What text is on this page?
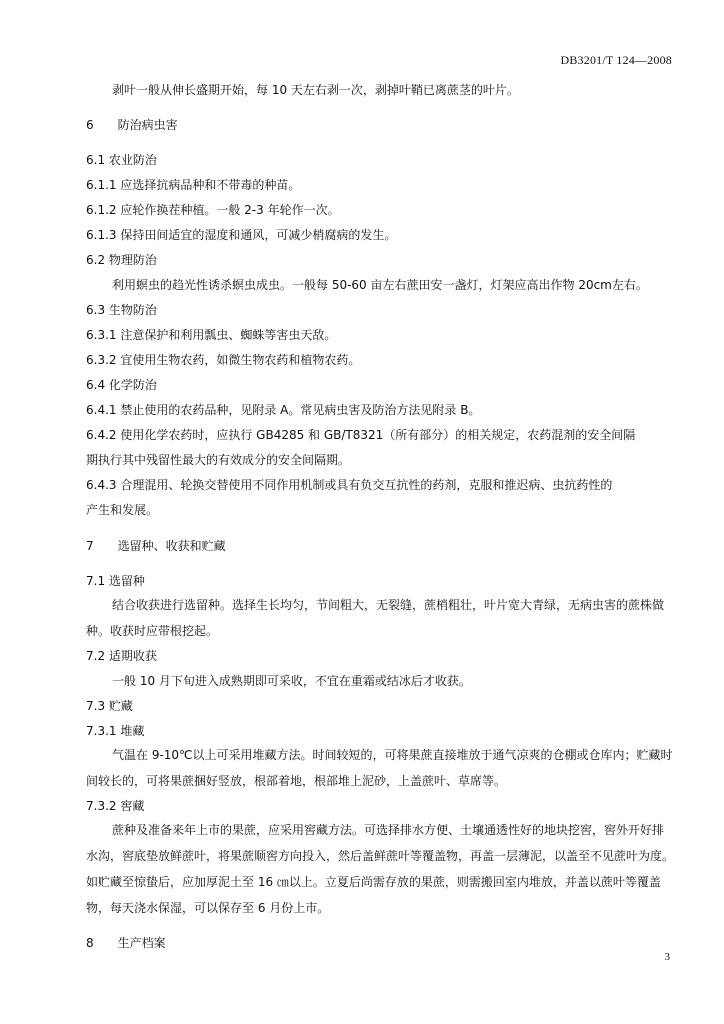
DB3201/T 124—2008
剥叶一般从伸长盛期开始，每 10 天左右剥一次，剥掉叶鞘已离蔗茎的叶片。
6　　防治病虫害
6.1 农业防治
6.1.1 应选择抗病品种和不带毒的种苗。
6.1.2 应轮作换茬种植。一般 2-3 年轮作一次。
6.1.3 保持田间适宜的湿度和通风，可减少梢腐病的发生。
6.2 物理防治
利用螟虫的趋光性诱杀螟虫成虫。一般每 50-60 亩左右蔗田安一盏灯，灯架应高出作物 20cm左右。
6.3 生物防治
6.3.1 注意保护和利用瓢虫、蜘蛛等害虫天敌。
6.3.2 宜使用生物农药，如微生物农药和植物农药。
6.4 化学防治
6.4.1 禁止使用的农药品种，见附录 A。常见病虫害及防治方法见附录 B。
6.4.2 使用化学农药时，应执行 GB4285 和 GB/T8321（所有部分）的相关规定，农药混剂的安全间隔
期执行其中残留性最大的有效成分的安全间隔期。
6.4.3 合理混用、轮换交替使用不同作用机制或具有负交互抗性的药剂，克服和推迟病、虫抗药性的
产生和发展。
7　　选留种、收获和贮藏
7.1 选留种
结合收获进行选留种。选择生长均匀，节间粗大，无裂缝，蔗梢粗壮，叶片宽大青绿，无病虫害的蔗株做种。收获时应带根挖起。
7.2 适期收获
一般 10 月下旬进入成熟期即可采收，不宜在重霜或结冰后才收获。
7.3 贮藏
7.3.1 堆藏
气温在 9-10℃以上可采用堆藏方法。时间较短的，可将果蔗直接堆放于通气凉爽的仓棚或仓库内；贮藏时间较长的，可将果蔗捆好竖放，根部着地，根部堆上泥砂，上盖蔗叶、草席等。
7.3.2 窖藏
蔗种及准备来年上市的果蔗，应采用窖藏方法。可选择排水方便、土壤通透性好的地块挖窖，窖外开好排水沟，窖底垫放鲜蔗叶，将果蔗顺窖方向投入，然后盖鲜蔗叶等覆盖物，再盖一层薄泥，以盖至不见蔗叶为度。如贮藏至惊蛰后，应加厚泥土至 16 ㎝以上。立夏后尚需存放的果蔗，则需搬回室内堆放，并盖以蔗叶等覆盖物，每天浇水保湿，可以保存至 6 月份上市。
8　　生产档案
3
